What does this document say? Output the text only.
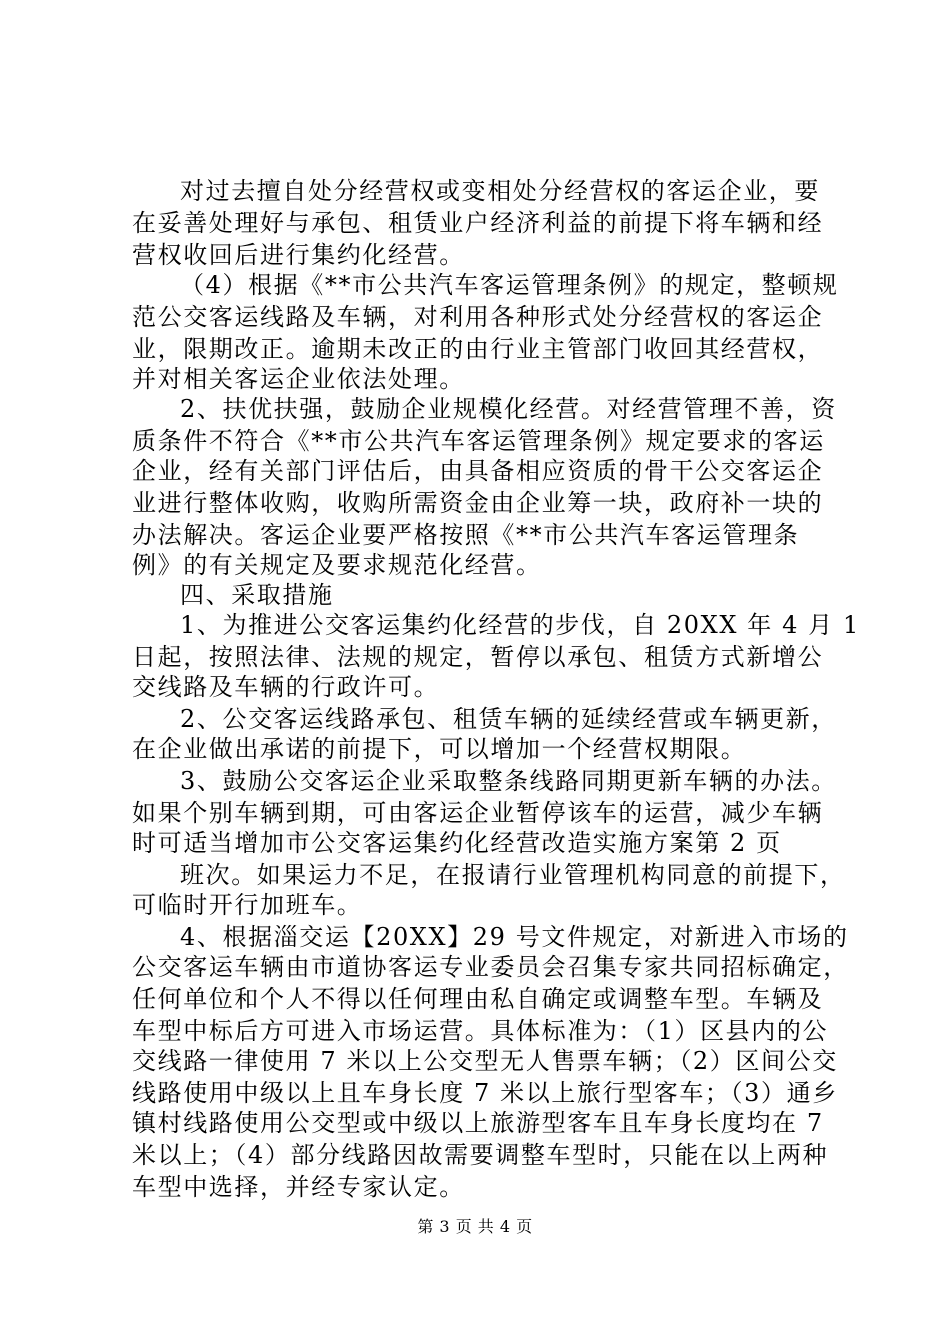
对过去擅自处分经营权或变相处分经营权的客运企业，要
在妥善处理好与承包、租赁业户经济利益的前提下将车辆和经
营权收回后进行集约化经营。
（4）根据《**市公共汽车客运管理条例》的规定，整顿规
范公交客运线路及车辆，对利用各种形式处分经营权的客运企
业，限期改正。逾期未改正的由行业主管部门收回其经营权，
并对相关客运企业依法处理。
2、扶优扶强，鼓励企业规模化经营。对经营管理不善，资
质条件不符合《**市公共汽车客运管理条例》规定要求的客运
企业，经有关部门评估后，由具备相应资质的骨干公交客运企
业进行整体收购，收购所需资金由企业筹一块，政府补一块的
办法解决。客运企业要严格按照《**市公共汽车客运管理条
例》的有关规定及要求规范化经营。
四、采取措施
1、为推进公交客运集约化经营的步伐，自 20XX 年 4 月 1
日起，按照法律、法规的规定，暂停以承包、租赁方式新增公
交线路及车辆的行政许可。
2、公交客运线路承包、租赁车辆的延续经营或车辆更新，
在企业做出承诺的前提下，可以增加一个经营权期限。
3、鼓励公交客运企业采取整条线路同期更新车辆的办法。
如果个别车辆到期，可由客运企业暂停该车的运营，减少车辆
时可适当增加市公交客运集约化经营改造实施方案第 2 页
班次。如果运力不足，在报请行业管理机构同意的前提下，
可临时开行加班车。
4、根据淄交运【20XX】29 号文件规定，对新进入市场的
公交客运车辆由市道协客运专业委员会召集专家共同招标确定，
任何单位和个人不得以任何理由私自确定或调整车型。车辆及
车型中标后方可进入市场运营。具体标准为：（1）区县内的公
交线路一律使用 7 米以上公交型无人售票车辆；（2）区间公交
线路使用中级以上且车身长度 7 米以上旅行型客车；（3）通乡
镇村线路使用公交型或中级以上旅游型客车且车身长度均在 7
米以上；（4）部分线路因故需要调整车型时，只能在以上两种
车型中选择，并经专家认定。
第 3 页 共 4 页
